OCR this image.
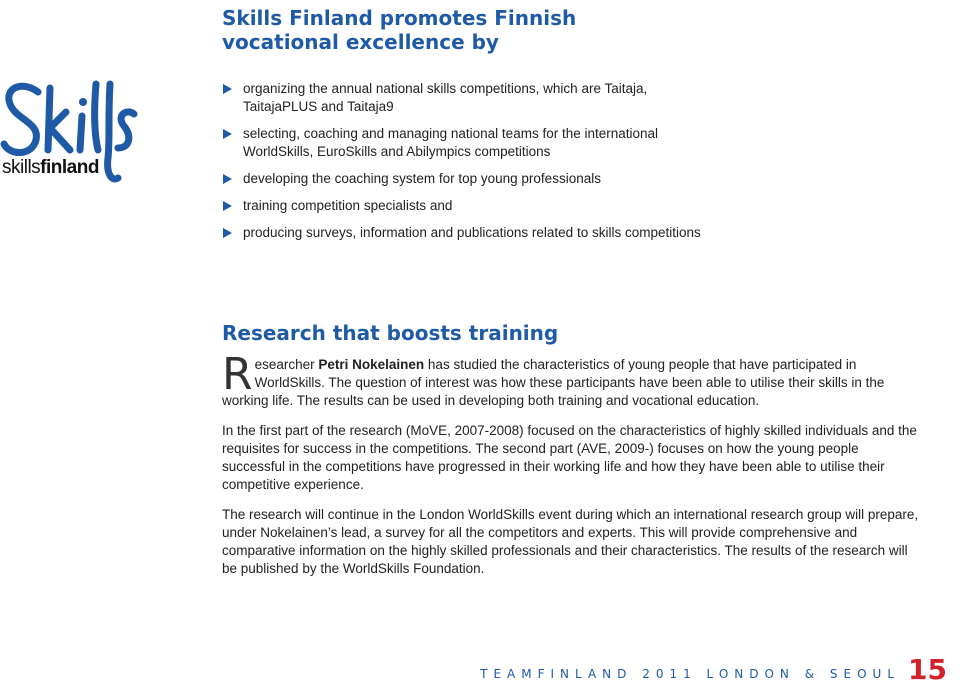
Skills Finland promotes Finnish
vocational excellence by
skillsfinland
organizing the annual national skills competitions, which are Taitaja,
TaitajaPLUS and Taitaja9
selecting, coaching and managing national teams for the international
WorldSkills, EuroSkills and Abilympics competitions
developing the coaching system for top young professionals
training competition specialists and
producing surveys, information and publications related to skills competitions
Research that boosts training

Researcher Petri Nokelainen has studied the characteristics of young people that have participated in WorldSkills. The question of interest was how these participants have been able to utilise their skills in the working life. The results can be used in developing both training and vocational education.

In the first part of the research (MoVE, 2007-2008) focused on the characteristics of highly skilled individuals and the requisites for success in the competitions. The second part (AVE, 2009-) focuses on how the young people successful in the competitions have progressed in their working life and how they have been able to utilise their competitive experience.

The research will continue in the London WorldSkills event during which an international research group will prepare, under Nokelainen’s lead, a survey for all the competitors and experts. This will provide comprehensive and comparative information on the highly skilled professionals and their characteristics. The results of the research will be published by the WorldSkills Foundation.

TEAMFINLAND 2011 LONDON & SEOUL 15
